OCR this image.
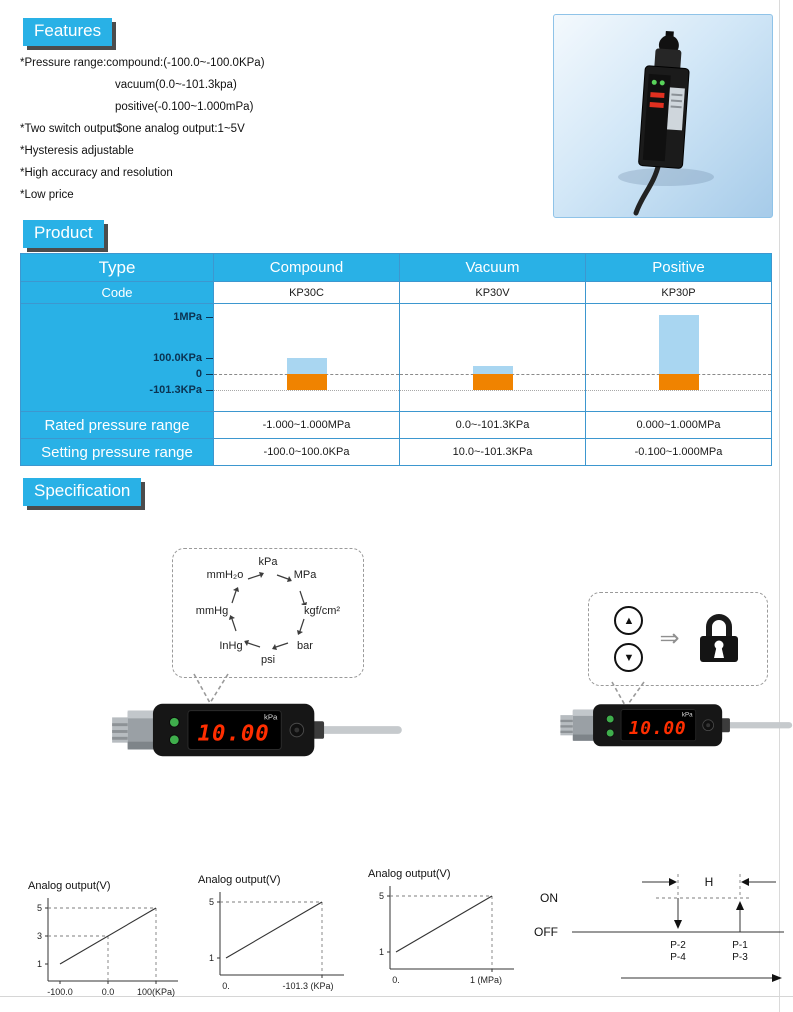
Features
*Pressure range:compound:(-100.0~-100.0KPa)
vacuum(0.0~-101.3kpa)
positive(-0.100~1.000mPa)
*Two switch output$one analog output:1~5V
*Hysteresis adjustable
*High accuracy and resolution
*Low price
Product
Type	Compound	Vacuum	Positive
Code	KP30C	KP30V	KP30P
1MPa
100.0KPa
0
-101.3KPa
Rated pressure range	-1.000~1.000MPa	0.0~-101.3KPa	0.000~1.000MPa
Setting pressure range	-100.0~100.0KPa	10.0~-101.3KPa	-0.100~1.000MPa
Specification
kPa
MPa
kgf/cm²
bar
psi
InHg
mmHg
mmH₂o
▲
▼
⇒
kPa
10.00
kPa
10.00
Analog output(V)
5
3
1
-100.0	0.0	100(KPa)
Analog output(V)
5
1
0.	-101.3 (KPa)
Analog output(V)
5
1
0.	1 (MPa)
H
ON
OFF
P-2
P-4
P-1
P-3
